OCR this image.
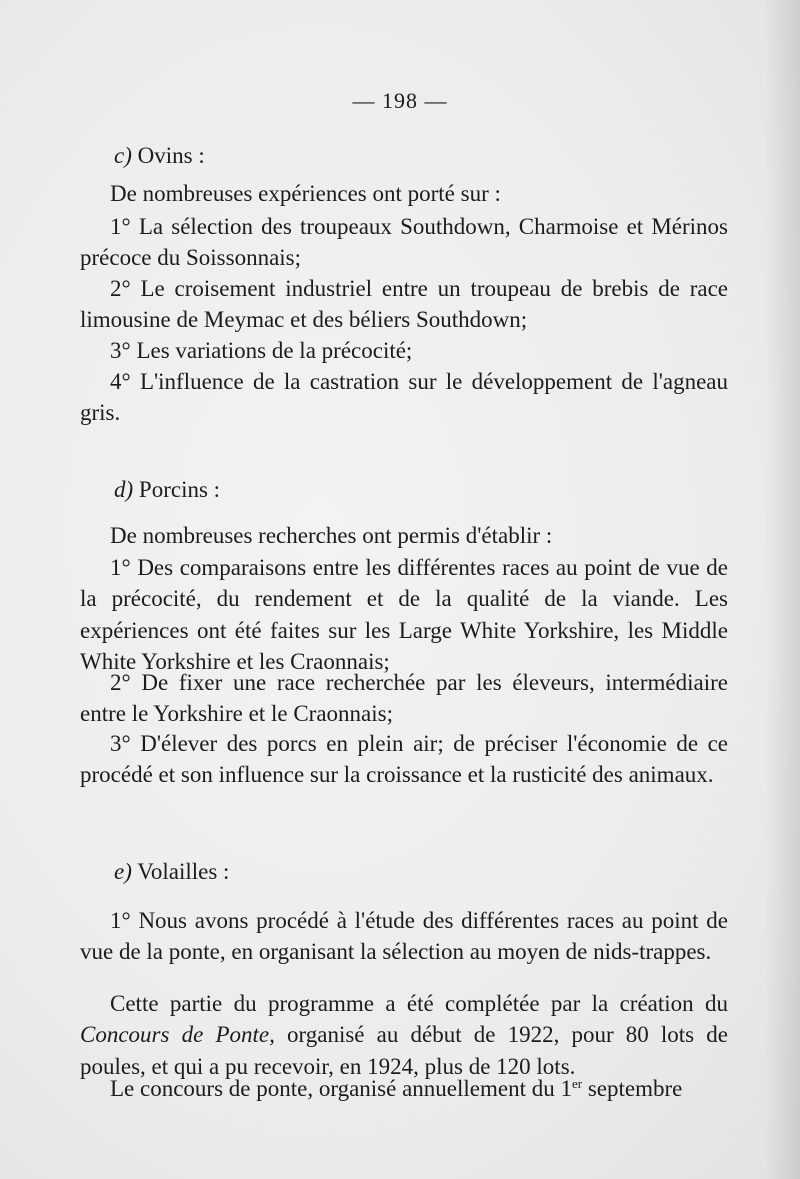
— 198 —

c) Ovins :

De nombreuses expériences ont porté sur :

1° La sélection des troupeaux Southdown, Charmoise et Mérinos précoce du Soissonnais;

2° Le croisement industriel entre un troupeau de brebis de race limousine de Meymac et des béliers Southdown;

3° Les variations de la précocité;

4° L'influence de la castration sur le développement de l'agneau gris.

d) Porcins :

De nombreuses recherches ont permis d'établir :

1° Des comparaisons entre les différentes races au point de vue de la précocité, du rendement et de la qualité de la viande. Les expériences ont été faites sur les Large White Yorkshire, les Middle White Yorkshire et les Craonnais;

2° De fixer une race recherchée par les éleveurs, intermédiaire entre le Yorkshire et le Craonnais;

3° D'élever des porcs en plein air; de préciser l'économie de ce procédé et son influence sur la croissance et la rusticité des animaux.

e) Volailles :

1° Nous avons procédé à l'étude des différentes races au point de vue de la ponte, en organisant la sélection au moyen de nids-trappes.

Cette partie du programme a été complétée par la création du Concours de Ponte, organisé au début de 1922, pour 80 lots de poules, et qui a pu recevoir, en 1924, plus de 120 lots.

Le concours de ponte, organisé annuellement du 1er septembre
